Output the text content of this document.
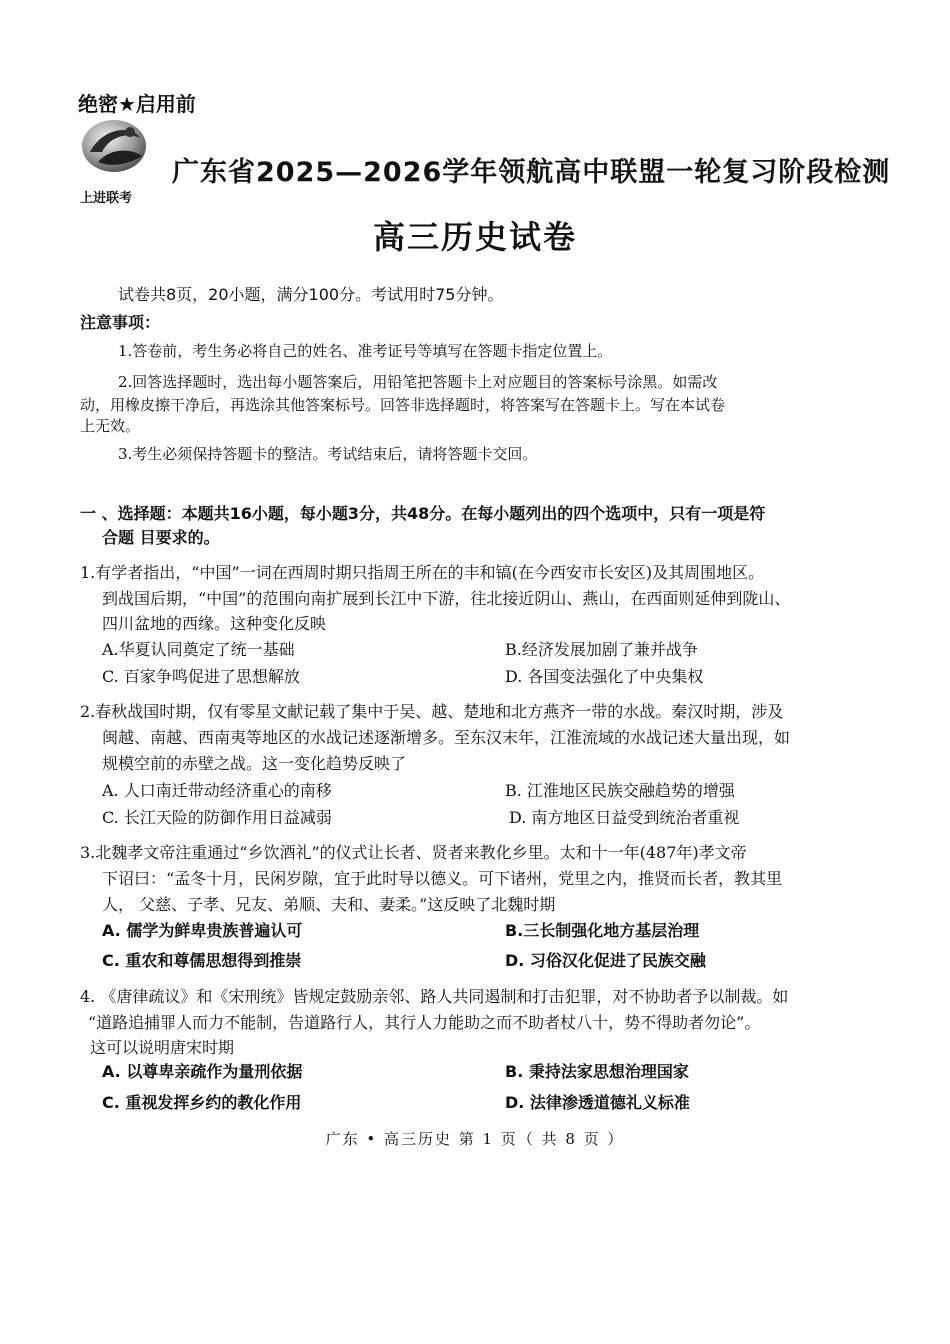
绝密★启用前
上进联考
广东省2025—2026学年领航高中联盟一轮复习阶段检测
高三历史试卷
试卷共8页，20小题，满分100分。考试用时75分钟。
注意事项：
1.答卷前，考生务必将自己的姓名、准考证号等填写在答题卡指定位置上。
2.回答选择题时，选出每小题答案后，用铅笔把答题卡上对应题目的答案标号涂黑。如需改
动，用橡皮擦干净后，再选涂其他答案标号。回答非选择题时，将答案写在答题卡上。写在本试卷
上无效。
3.考生必须保持答题卡的整洁。考试结束后，请将答题卡交回。
一 、选择题：本题共16小题，每小题3分，共48分。在每小题列出的四个选项中，只有一项是符
合题 目要求的。
1.有学者指出，“中国”一词在西周时期只指周王所在的丰和镐(在今西安市长安区)及其周围地区。
到战国后期，“中国”的范围向南扩展到长江中下游，往北接近阴山、燕山，在西面则延伸到陇山、
四川盆地的西缘。这种变化反映
A.华夏认同奠定了统一基础	B.经济发展加剧了兼并战争
C. 百家争鸣促进了思想解放	D. 各国变法强化了中央集权
2.春秋战国时期，仅有零星文献记载了集中于吴、越、楚地和北方燕齐一带的水战。秦汉时期，涉及
闽越、南越、西南夷等地区的水战记述逐渐增多。至东汉末年，江淮流域的水战记述大量出现，如
规模空前的赤壁之战。这一变化趋势反映了
A. 人口南迁带动经济重心的南移	B. 江淮地区民族交融趋势的增强
C. 长江天险的防御作用日益减弱	D. 南方地区日益受到统治者重视
3.北魏孝文帝注重通过“乡饮酒礼”的仪式让长者、贤者来教化乡里。太和十一年(487年)孝文帝
下诏曰：“孟冬十月，民闲岁隙，宜于此时导以德义。可下诸州，党里之内，推贤而长者，教其里
人， 父慈、子孝、兄友、弟顺、夫和、妻柔。”这反映了北魏时期
A. 儒学为鲜卑贵族普遍认可	B.三长制强化地方基层治理
C. 重农和尊儒思想得到推崇	D. 习俗汉化促进了民族交融
4. 《唐律疏议》和《宋刑统》皆规定鼓励亲邻、路人共同遏制和打击犯罪，对不协助者予以制裁。如
“道路追捕罪人而力不能制，告道路行人，其行人力能助之而不助者杖八十，势不得助者勿论”。
这可以说明唐宋时期
A. 以尊卑亲疏作为量刑依据	B. 秉持法家思想治理国家
C. 重视发挥乡约的教化作用	D. 法律渗透道德礼义标准
广东 • 高三历史 第 1 页（ 共 8 页 ）
